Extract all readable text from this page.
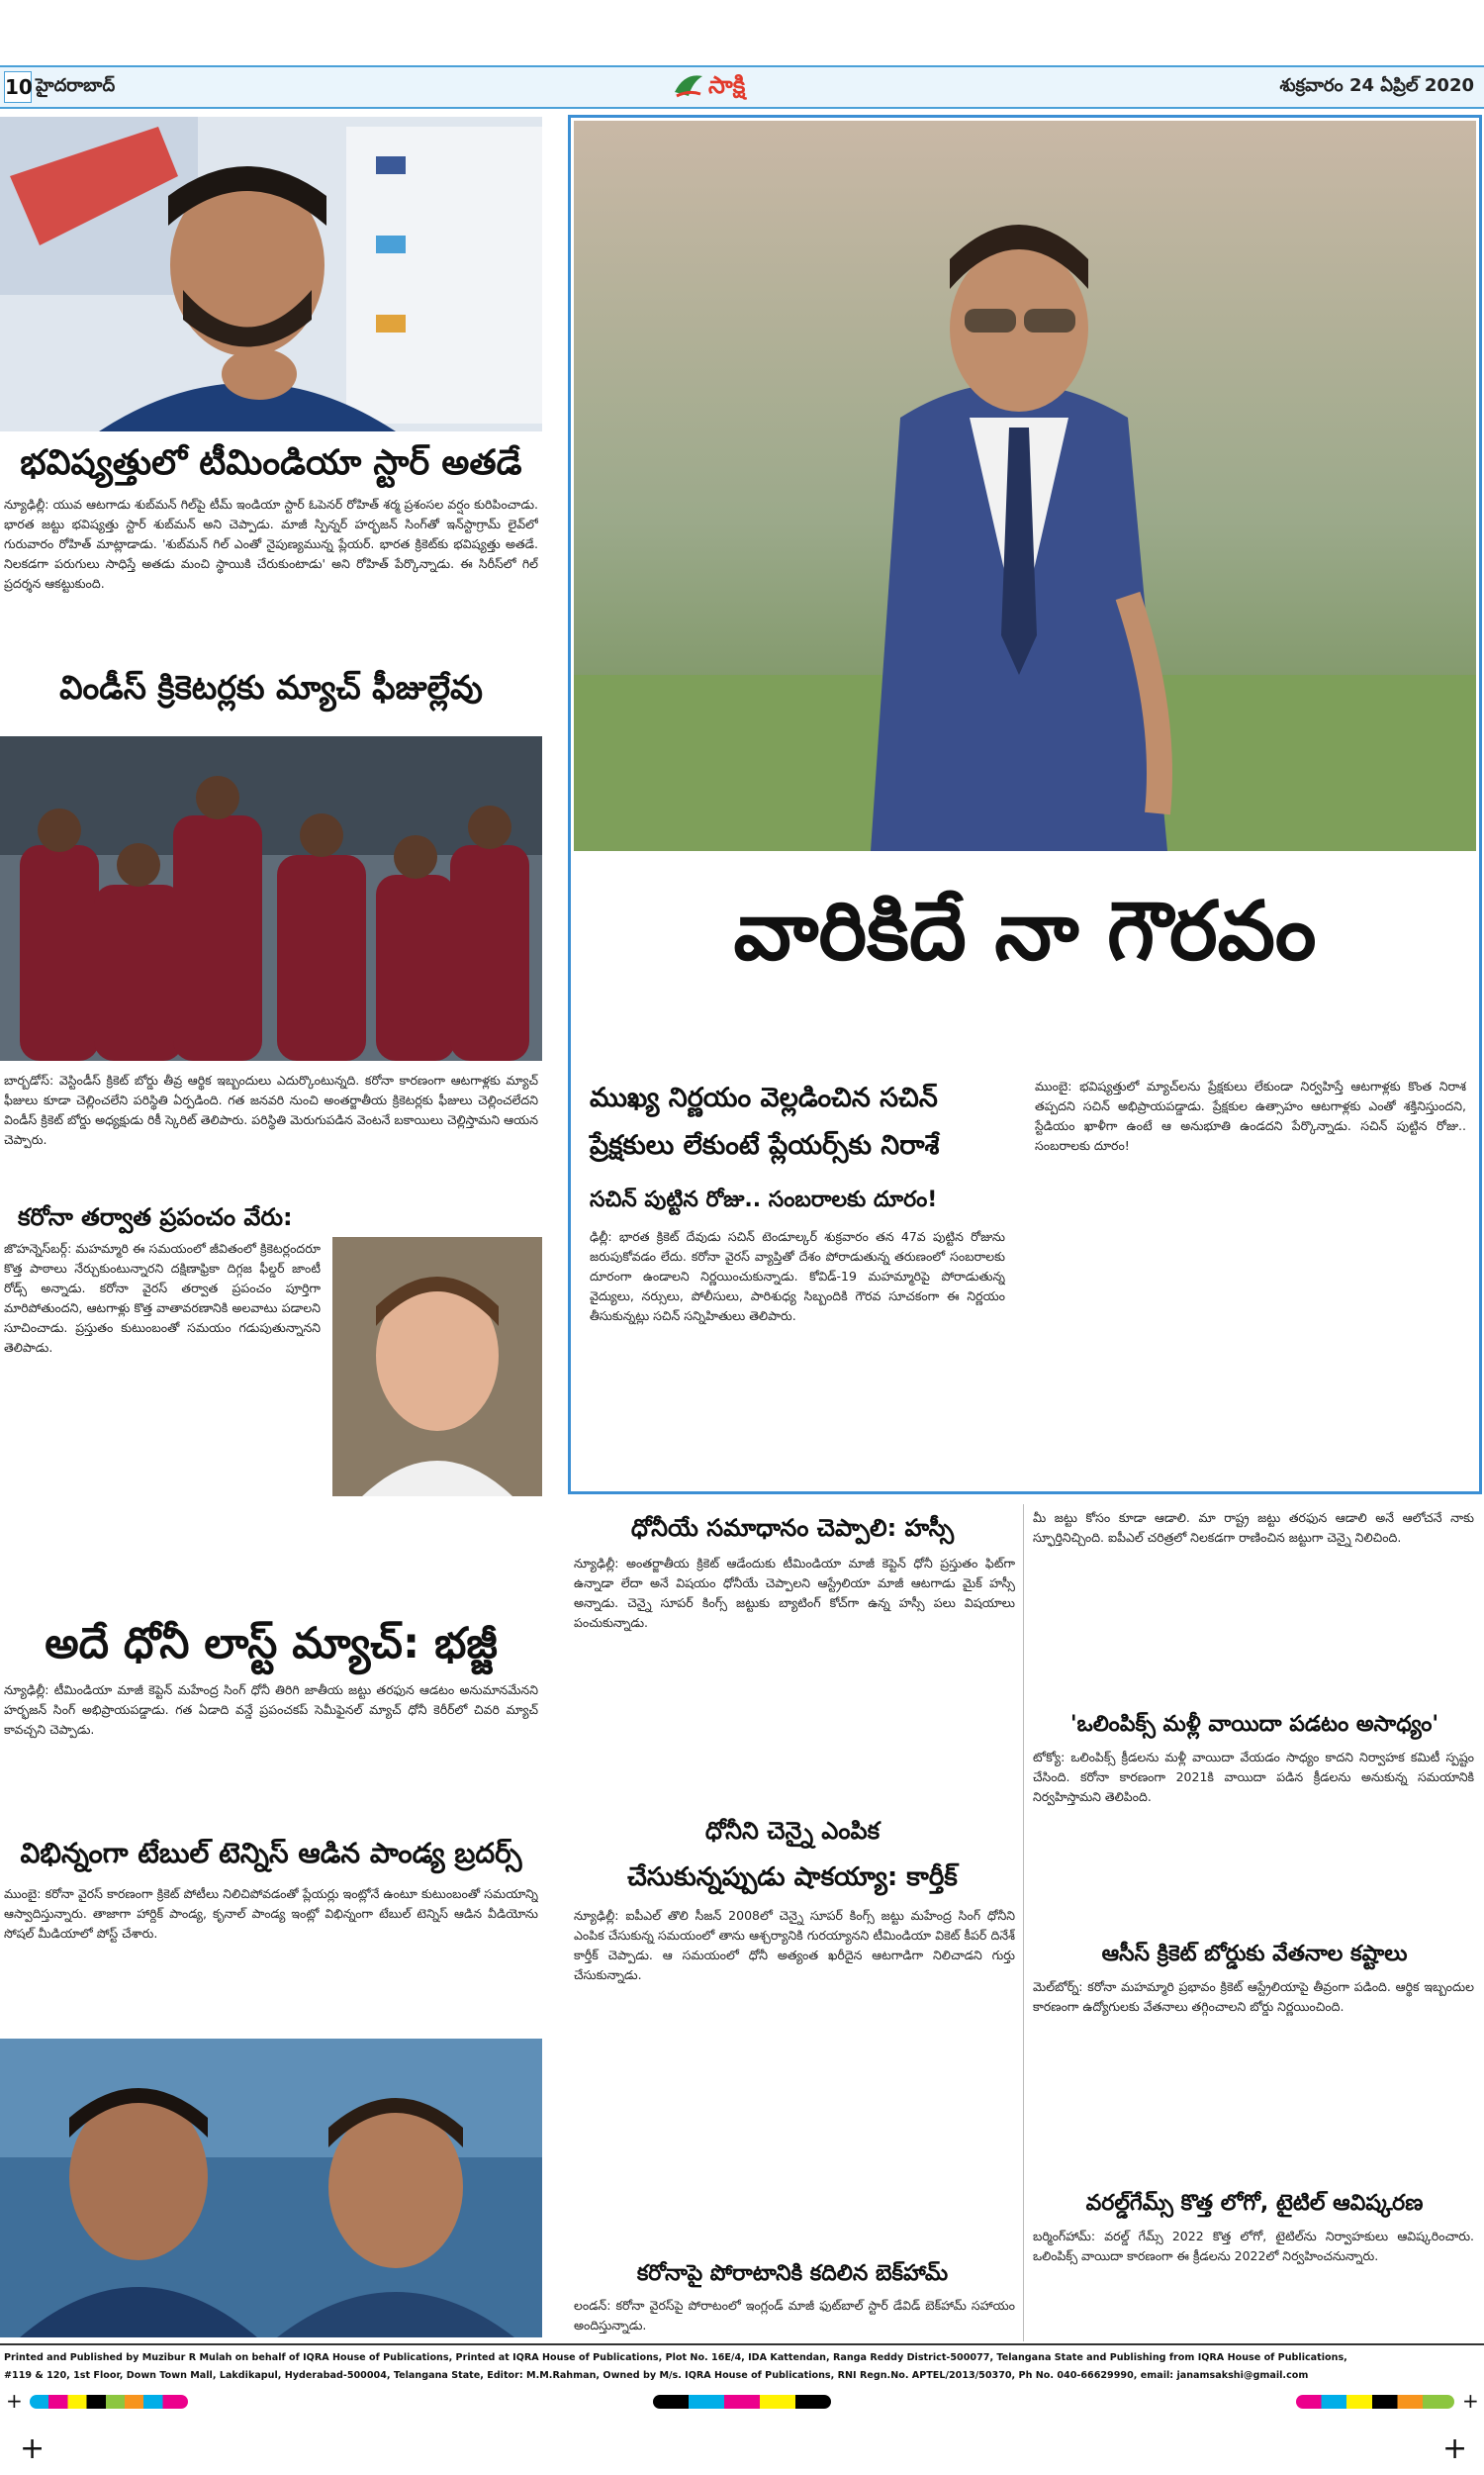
10 హైదరాబాద్	సాక్షి	శుక్రవారం 24 ఏప్రిల్ 2020
భవిష్యత్తులో టీమిండియా స్టార్ అతడే
న్యూఢిల్లీ: యువ ఆటగాడు శుబ్‌మన్ గిల్‌పై టీమ్ ఇండియా స్టార్ ఓపెనర్ రోహిత్ శర్మ ప్రశంసల వర్షం కురిపించాడు. భారత జట్టు భవిష్యత్తు స్టార్ శుబ్‌మన్ అని చెప్పాడు. మాజీ స్పిన్నర్ హర్భజన్ సింగ్‌తో ఇన్‌స్టాగ్రామ్ లైవ్‌లో గురువారం రోహిత్ మాట్లాడాడు. 'శుబ్‌మన్ గిల్ ఎంతో నైపుణ్యమున్న ప్లేయర్. భారత క్రికెట్‌కు భవిష్యత్తు అతడే. నిలకడగా పరుగులు సాధిస్తే అతడు మంచి స్థాయికి చేరుకుంటాడు' అని రోహిత్ పేర్కొన్నాడు. ఈ సిరీస్‌లో గిల్ ప్రదర్శన ఆకట్టుకుంది.
విండీస్ క్రికెటర్లకు మ్యాచ్ ఫీజుల్లేవు
బార్బడోస్: వెస్టిండీస్ క్రికెట్ బోర్డు తీవ్ర ఆర్థిక ఇబ్బందులు ఎదుర్కొంటున్నది. కరోనా కారణంగా ఆటగాళ్లకు మ్యాచ్ ఫీజులు కూడా చెల్లించలేని పరిస్థితి ఏర్పడింది. గత జనవరి నుంచి అంతర్జాతీయ క్రికెటర్లకు ఫీజులు చెల్లించలేదని విండీస్ క్రికెట్ బోర్డు అధ్యక్షుడు రికీ స్కెరిట్ తెలిపారు. పరిస్థితి మెరుగుపడిన వెంటనే బకాయిలు చెల్లిస్తామని ఆయన చెప్పారు.
కరోనా తర్వాత ప్రపంచం వేరు:
జొహన్నెస్‌బర్గ్: మహమ్మారి ఈ సమయంలో జీవితంలో క్రికెటర్లందరూ కొత్త పాఠాలు నేర్చుకుంటున్నారని దక్షిణాఫ్రికా దిగ్గజ ఫీల్డర్ జాంటీ రోడ్స్ అన్నాడు. కరోనా వైరస్ తర్వాత ప్రపంచం పూర్తిగా మారిపోతుందని, ఆటగాళ్లు కొత్త వాతావరణానికి అలవాటు పడాలని సూచించాడు. ప్రస్తుతం కుటుంబంతో సమయం గడుపుతున్నానని తెలిపాడు.
అదే ధోనీ లాస్ట్ మ్యాచ్: భజ్జీ
న్యూఢిల్లీ: టీమిండియా మాజీ కెప్టెన్ మహేంద్ర సింగ్ ధోనీ తిరిగి జాతీయ జట్టు తరఫున ఆడటం అనుమానమేనని హర్భజన్ సింగ్ అభిప్రాయపడ్డాడు. గత ఏడాది వన్డే ప్రపంచకప్ సెమీఫైనల్ మ్యాచ్ ధోనీ కెరీర్‌లో చివరి మ్యాచ్ కావచ్చని చెప్పాడు.
విభిన్నంగా టేబుల్ టెన్నిస్ ఆడిన పాండ్య బ్రదర్స్
ముంబై: కరోనా వైరస్ కారణంగా క్రికెట్ పోటీలు నిలిచిపోవడంతో ప్లేయర్లు ఇంట్లోనే ఉంటూ కుటుంబంతో సమయాన్ని ఆస్వాదిస్తున్నారు. తాజాగా హార్దిక్ పాండ్య, కృనాల్ పాండ్య ఇంట్లో విభిన్నంగా టేబుల్ టెన్నిస్ ఆడిన వీడియోను సోషల్ మీడియాలో పోస్ట్ చేశారు.
వారికిదే నా గౌరవం
ముఖ్య నిర్ణయం వెల్లడించిన సచిన్
ప్రేక్షకులు లేకుంటే ప్లేయర్స్‌కు నిరాశే
సచిన్ పుట్టిన రోజు.. సంబరాలకు దూరం!
ఢిల్లీ: భారత క్రికెట్ దేవుడు సచిన్ టెండూల్కర్ శుక్రవారం తన 47వ పుట్టిన రోజును జరుపుకోవడం లేదు. కరోనా వైరస్ వ్యాప్తితో దేశం పోరాడుతున్న తరుణంలో సంబరాలకు దూరంగా ఉండాలని నిర్ణయించుకున్నాడు. కోవిడ్-19 మహమ్మారిపై పోరాడుతున్న వైద్యులు, నర్సులు, పోలీసులు, పారిశుధ్య సిబ్బందికి గౌరవ సూచకంగా ఈ నిర్ణయం తీసుకున్నట్లు సచిన్ సన్నిహితులు తెలిపారు.
ముంబై: భవిష్యత్తులో మ్యాచ్‌లను ప్రేక్షకులు లేకుండా నిర్వహిస్తే ఆటగాళ్లకు కొంత నిరాశ తప్పదని సచిన్ అభిప్రాయపడ్డాడు. ప్రేక్షకుల ఉత్సాహం ఆటగాళ్లకు ఎంతో శక్తినిస్తుందని, స్టేడియం ఖాళీగా ఉంటే ఆ అనుభూతి ఉండదని పేర్కొన్నాడు. సచిన్ పుట్టిన రోజు.. సంబరాలకు దూరం!
ధోనీయే సమాధానం చెప్పాలి: హస్సీ
న్యూఢిల్లీ: అంతర్జాతీయ క్రికెట్ ఆడేందుకు టీమిండియా మాజీ కెప్టెన్ ధోనీ ప్రస్తుతం ఫిట్‌గా ఉన్నాడా లేదా అనే విషయం ధోనీయే చెప్పాలని ఆస్ట్రేలియా మాజీ ఆటగాడు మైక్ హస్సీ అన్నాడు. చెన్నై సూపర్ కింగ్స్ జట్టుకు బ్యాటింగ్ కోచ్‌గా ఉన్న హస్సీ పలు విషయాలు పంచుకున్నాడు.
ధోనీని చెన్నై ఎంపిక
చేసుకున్నప్పుడు షాకయ్యా: కార్తీక్
న్యూఢిల్లీ: ఐపీఎల్ తొలి సీజన్ 2008లో చెన్నై సూపర్ కింగ్స్ జట్టు మహేంద్ర సింగ్ ధోనీని ఎంపిక చేసుకున్న సమయంలో తాను ఆశ్చర్యానికి గురయ్యానని టీమిండియా వికెట్ కీపర్ దినేశ్ కార్తీక్ చెప్పాడు. ఆ సమయంలో ధోనీ అత్యంత ఖరీదైన ఆటగాడిగా నిలిచాడని గుర్తు చేసుకున్నాడు.
కరోనాపై పోరాటానికి కదిలిన బెక్‌హామ్
లండన్: కరోనా వైరస్‌పై పోరాటంలో ఇంగ్లండ్ మాజీ ఫుట్‌బాల్ స్టార్ డేవిడ్ బెక్‌హామ్ సహాయం అందిస్తున్నాడు.
మీ జట్టు కోసం కూడా ఆడాలి. మా రాష్ట్ర జట్టు తరఫున ఆడాలి అనే ఆలోచనే నాకు స్ఫూర్తినిచ్చింది. ఐపీఎల్ చరిత్రలో నిలకడగా రాణించిన జట్టుగా చెన్నై నిలిచింది.
'ఒలింపిక్స్ మళ్లీ వాయిదా పడటం అసాధ్యం'
టోక్యో: ఒలింపిక్స్ క్రీడలను మళ్లీ వాయిదా వేయడం సాధ్యం కాదని నిర్వాహక కమిటీ స్పష్టం చేసింది. కరోనా కారణంగా 2021కి వాయిదా పడిన క్రీడలను అనుకున్న సమయానికి నిర్వహిస్తామని తెలిపింది.
ఆసీస్ క్రికెట్ బోర్డుకు వేతనాల కష్టాలు
మెల్‌బోర్న్: కరోనా మహమ్మారి ప్రభావం క్రికెట్ ఆస్ట్రేలియాపై తీవ్రంగా పడింది. ఆర్థిక ఇబ్బందుల కారణంగా ఉద్యోగులకు వేతనాలు తగ్గించాలని బోర్డు నిర్ణయించింది.
వరల్డ్‌గేమ్స్ కొత్త లోగో, టైటిల్ ఆవిష్కరణ
బర్మింగ్‌హామ్: వరల్డ్ గేమ్స్ 2022 కొత్త లోగో, టైటిల్‌ను నిర్వాహకులు ఆవిష్కరించారు. ఒలింపిక్స్ వాయిదా కారణంగా ఈ క్రీడలను 2022లో నిర్వహించనున్నారు.
Printed and Published by Muzibur R Mulah on behalf of IQRA House of Publications, Printed at IQRA House of Publications, Plot No. 16E/4, IDA Kattendan, Ranga Reddy District-500077, Telangana State and Publishing from IQRA House of Publications,
#119 & 120, 1st Floor, Down Town Mall, Lakdikapul, Hyderabad-500004, Telangana State, Editor: M.M.Rahman, Owned by M/s. IQRA House of Publications, RNI Regn.No. APTEL/2013/50370, Ph No. 040-66629990, email: janamsakshi@gmail.com
+	+
+	+
